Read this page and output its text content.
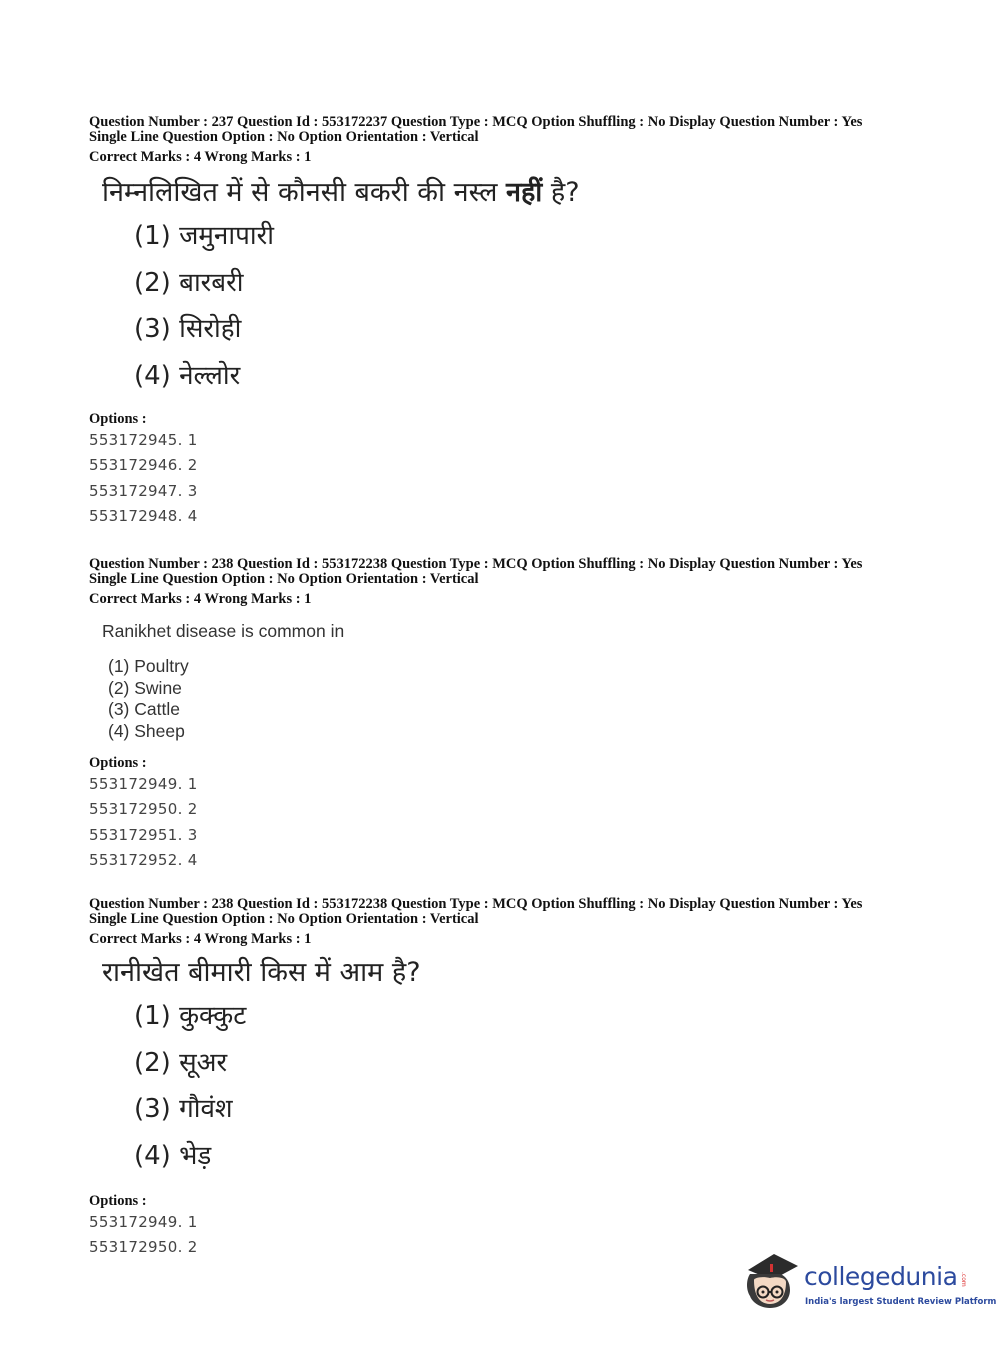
Question Number : 237 Question Id : 553172237 Question Type : MCQ Option Shuffling : No Display Question Number : Yes
Single Line Question Option : No Option Orientation : Vertical
Correct Marks : 4 Wrong Marks : 1
निम्नलिखित में से कौनसी बकरी की नस्ल नहीं है?
(1) जमुनापारी
(2) बारबरी
(3) सिरोही
(4) नेल्लोर
Options :
553172945. 1
553172946. 2
553172947. 3
553172948. 4
Question Number : 238 Question Id : 553172238 Question Type : MCQ Option Shuffling : No Display Question Number : Yes
Single Line Question Option : No Option Orientation : Vertical
Correct Marks : 4 Wrong Marks : 1
Ranikhet disease is common in
(1) Poultry
(2) Swine
(3) Cattle
(4) Sheep
Options :
553172949. 1
553172950. 2
553172951. 3
553172952. 4
Question Number : 238 Question Id : 553172238 Question Type : MCQ Option Shuffling : No Display Question Number : Yes
Single Line Question Option : No Option Orientation : Vertical
Correct Marks : 4 Wrong Marks : 1
रानीखेत बीमारी किस में आम है?
(1) कुक्कुट
(2) सूअर
(3) गौवंश
(4) भेड़
Options :
553172949. 1
553172950. 2
collegedunia .com
India's largest Student Review Platform
